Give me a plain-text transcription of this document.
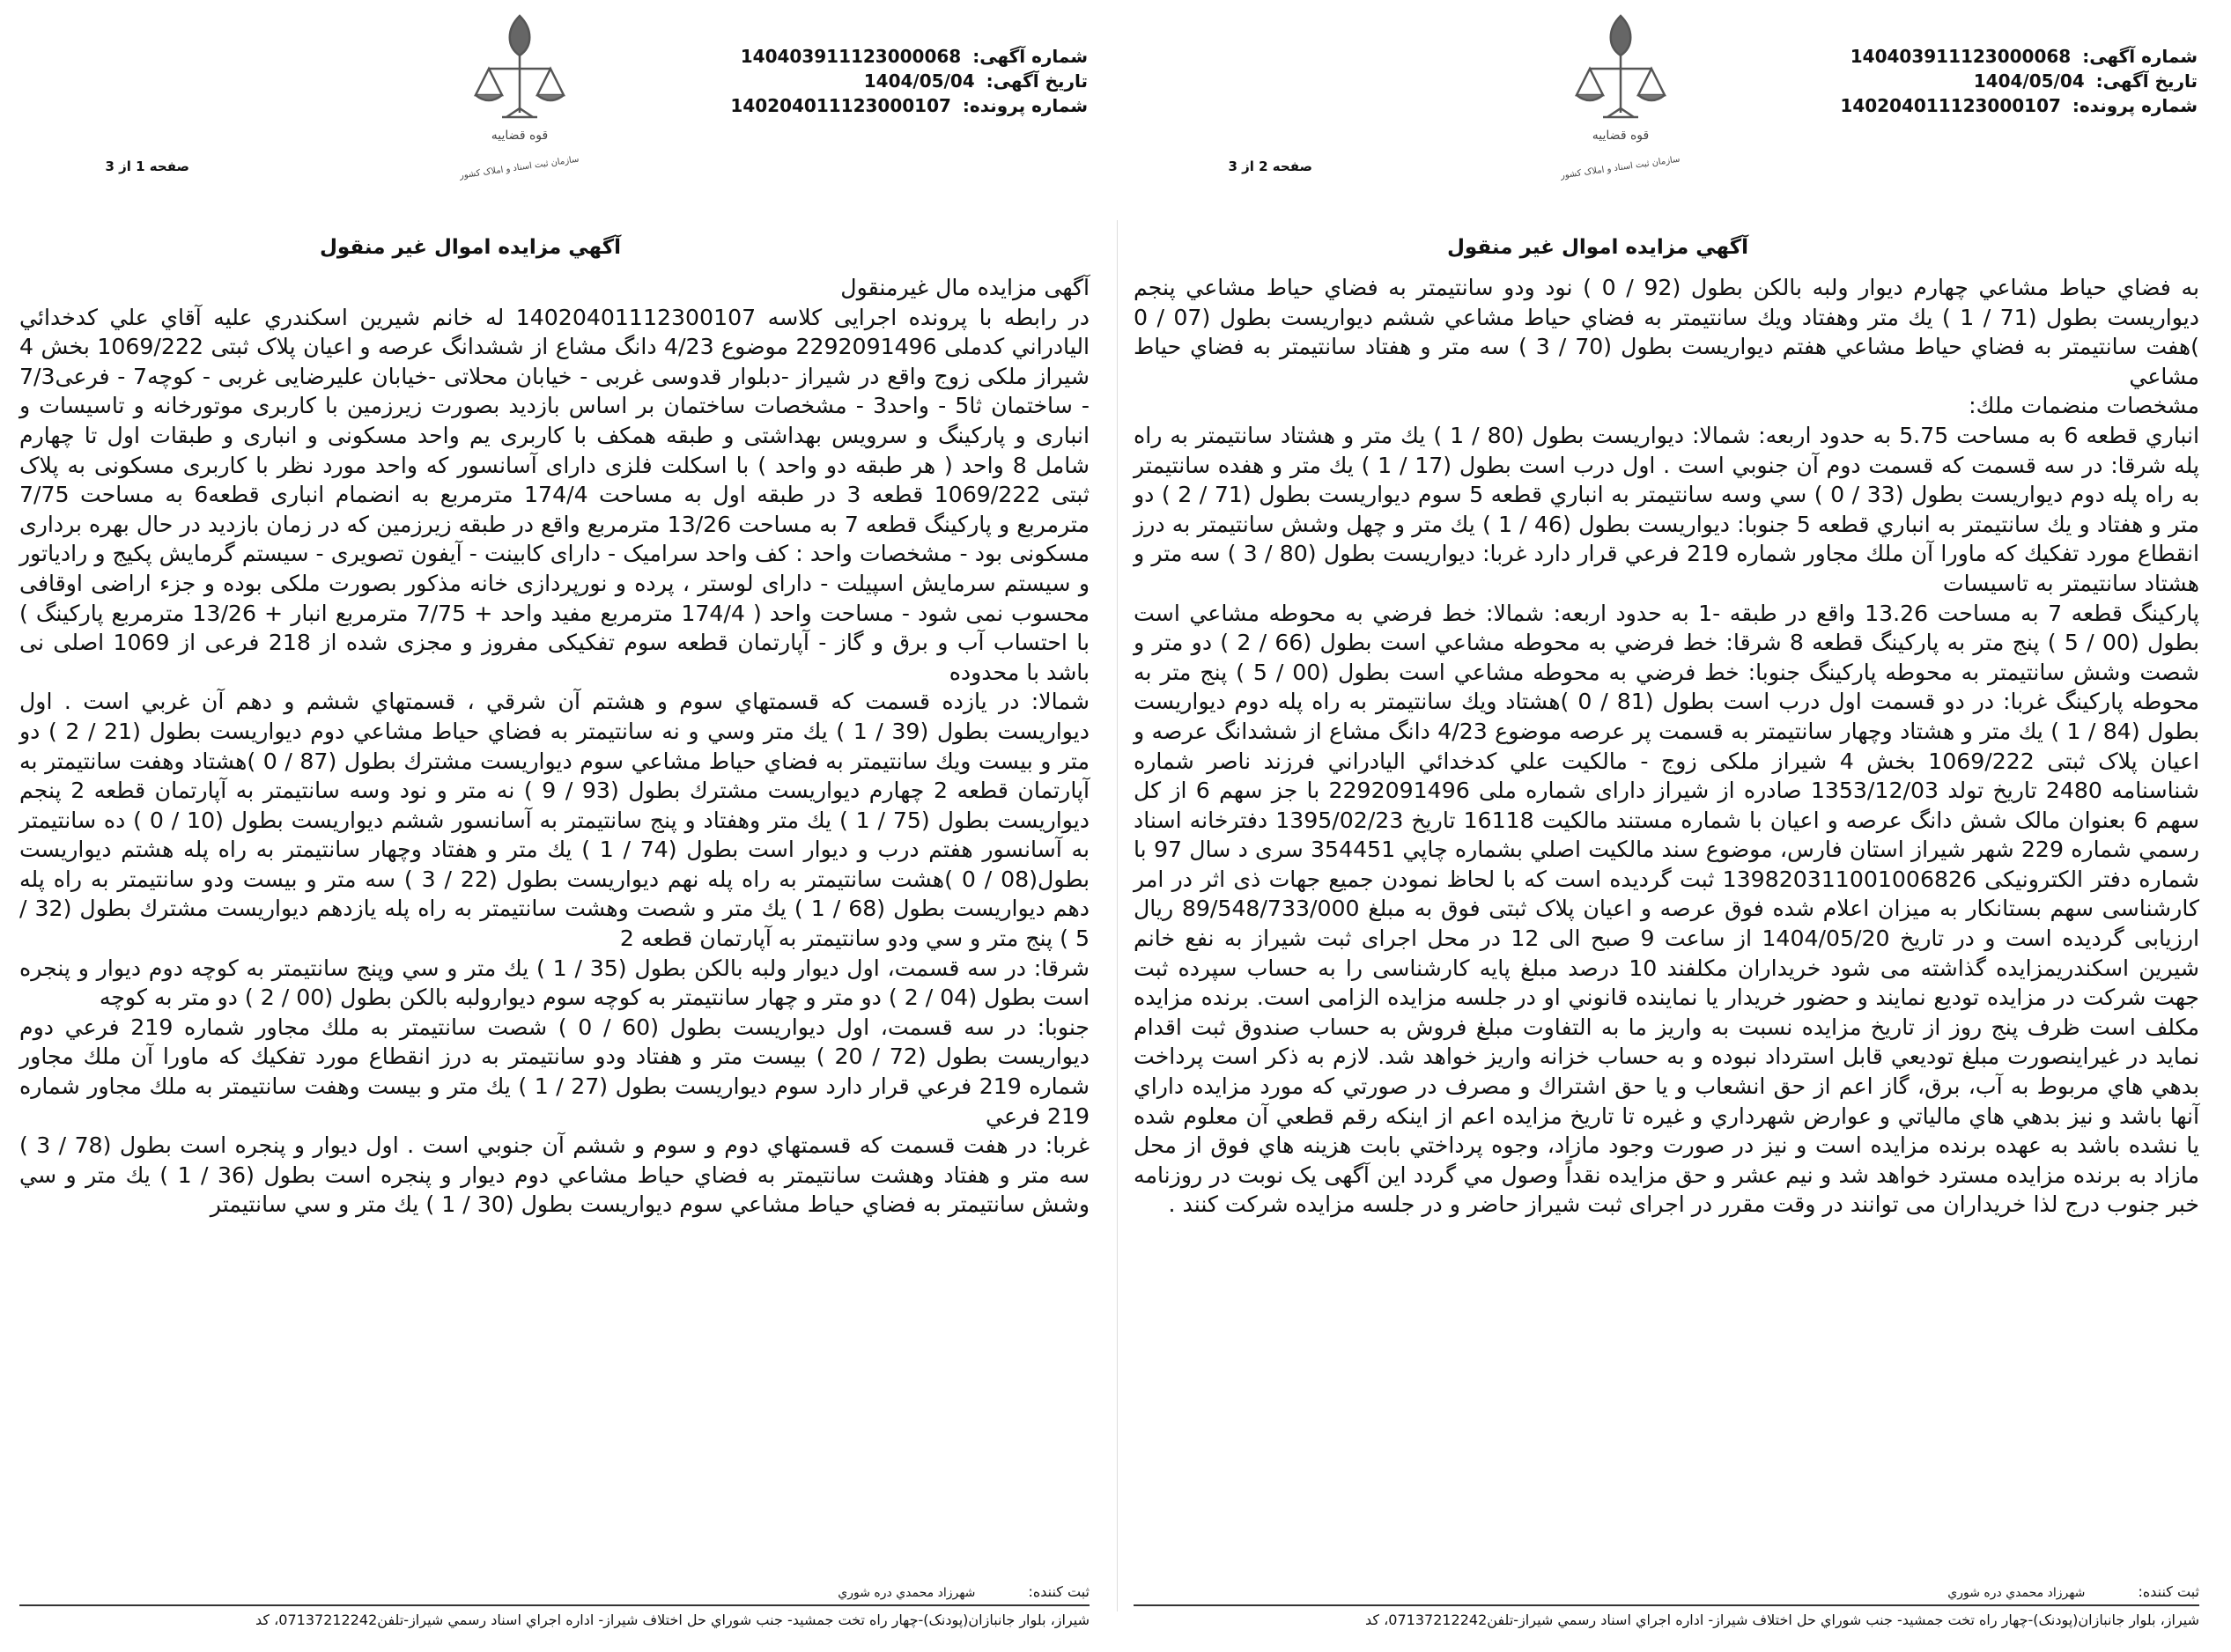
شماره آگهی: 140403911123000068
تاریخ آگهی: 1404/05/04
شماره پرونده: 140204011123000107
قوه قضاییه
سازمان ثبت اسناد و املاک کشور
صفحه 1 از 3
آگهي مزايده اموال غير منقول

آگهی مزایده مال غیرمنقول

در رابطه با پرونده اجرایی کلاسه 14020401112300107 له خانم شیرین اسکندري علیه آقاي علي كدخدائي اليادراني کدملی 2292091496 موضوع 4/23 دانگ مشاع از ششدانگ عرصه و اعیان پلاک ثبتی 1069/222 بخش 4 شیراز ملکی زوج واقع در شیراز -دبلوار قدوسی غربی - خیابان محلاتی -خیابان علیرضایی غربی - کوچه7 - فرعی7/3 - ساختمان ثا5 - واحد3 - مشخصات ساختمان بر اساس بازدید بصورت زیرزمین با کاربری موتورخانه و تاسیسات و انباری و پارکینگ و سرویس بهداشتی و طبقه همکف با کاربری یم واحد مسکونی و انباری و طبقات اول تا چهارم شامل 8 واحد ( هر طبقه دو واحد ) با اسکلت فلزی دارای آسانسور که واحد مورد نظر با کاربری مسکونی به پلاک ثبتی 1069/222 قطعه 3 در طبقه اول به مساحت 174/4 مترمربع به انضمام انباری قطعه6 به مساحت 7/75 مترمربع و پارکینگ قطعه 7 به مساحت 13/26 مترمربع واقع در طبقه زیرزمین که در زمان بازدید در حال بهره برداری مسکونی بود - مشخصات واحد : کف واحد سرامیک - دارای کابینت - آیفون تصویری - سیستم گرمایش پکیج و رادیاتور و سیستم سرمایش اسپیلت - دارای لوستر ، پرده و نورپردازی خانه مذکور بصورت ملکی بوده و جزء اراضی اوقافی محسوب نمی شود - مساحت واحد ( 174/4 مترمربع مفید واحد + 7/75 مترمربع انبار + 13/26 مترمربع پارکینگ ) با احتساب آب و برق و گاز - آپارتمان قطعه سوم تفکیکی مفروز و مجزی شده از 218 فرعی از 1069 اصلی نی باشد با محدوده

شمالا: در يازده قسمت كه قسمتهاي سوم و هشتم آن شرقي ، قسمتهاي ششم و دهم آن غربي است . اول ديواريست بطول (39 / 1 ) يك متر وسي و نه سانتيمتر به فضاي حياط مشاعي دوم ديواريست بطول (21 / 2 ) دو متر و بيست ويك سانتيمتر به فضاي حياط مشاعي سوم ديواريست مشترك بطول (87 / 0 )هشتاد وهفت سانتيمتر به آپارتمان قطعه 2 چهارم ديواريست مشترك بطول (93 / 9 ) نه متر و نود وسه سانتيمتر به آپارتمان قطعه 2 پنجم ديواريست بطول (75 / 1 ) يك متر وهفتاد و پنج سانتيمتر به آسانسور ششم ديواريست بطول (10 / 0 ) ده سانتيمتر به آسانسور هفتم درب و ديوار است بطول (74 / 1 ) يك متر و هفتاد وچهار سانتيمتر به راه پله هشتم ديواريست بطول(08 / 0 )هشت سانتيمتر به راه پله نهم ديواريست بطول (22 / 3 ) سه متر و بيست ودو سانتيمتر به راه پله دهم ديواريست بطول (68 / 1 ) يك متر و شصت وهشت سانتيمتر به راه پله يازدهم ديواريست مشترك بطول (32 / 5 ) پنج متر و سي ودو سانتيمتر به آپارتمان قطعه 2

شرقا: در سه قسمت، اول ديوار ولبه بالكن بطول (35 / 1 ) يك متر و سي وپنج سانتيمتر به كوچه دوم ديوار و پنجره است بطول (04 / 2 ) دو متر و چهار سانتيمتر به كوچه سوم ديوارولبه بالكن بطول (00 / 2 ) دو متر به كوچه

جنوبا: در سه قسمت، اول ديواريست بطول (60 / 0 ) شصت سانتيمتر به ملك مجاور شماره 219 فرعي دوم ديواريست بطول (72 / 20 ) بيست متر و هفتاد ودو سانتيمتر به درز انقطاع مورد تفكيك كه ماورا آن ملك مجاور شماره 219 فرعي قرار دارد سوم ديواريست بطول (27 / 1 ) يك متر و بيست وهفت سانتيمتر به ملك مجاور شماره 219 فرعي

غربا: در هفت قسمت كه قسمتهاي دوم و سوم و ششم آن جنوبي است . اول ديوار و پنجره است بطول (78 / 3 ) سه متر و هفتاد وهشت سانتيمتر به فضاي حياط مشاعي دوم ديوار و پنجره است بطول (36 / 1 ) يك متر و سي وشش سانتيمتر به فضاي حياط مشاعي سوم ديواريست بطول (30 / 1 ) يك متر و سي سانتيمتر

ثبت کننده: شهرزاد محمدي دره شوري
شیراز، بلوار جانبازان(پودنک)-چهار راه تخت جمشید- جنب شوراي حل اختلاف شیراز- اداره اجراي اسناد رسمي شیراز-تلفن07137212242، کد
شماره آگهی: 140403911123000068
تاریخ آگهی: 1404/05/04
شماره پرونده: 140204011123000107
قوه قضاییه
سازمان ثبت اسناد و املاک کشور
صفحه 2 از 3
آگهي مزايده اموال غير منقول

به فضاي حياط مشاعي چهارم ديوار ولبه بالكن بطول (92 / 0 ) نود ودو سانتيمتر به فضاي حياط مشاعي پنجم ديواريست بطول (71 / 1 ) يك متر وهفتاد ويك سانتيمتر به فضاي حياط مشاعي ششم ديواريست بطول (07 / 0 )هفت سانتيمتر به فضاي حياط مشاعي هفتم ديواريست بطول (70 / 3 ) سه متر و هفتاد سانتيمتر به فضاي حياط مشاعي

مشخصات منضمات ملك:

انباري قطعه 6 به مساحت 5.75 به حدود اربعه: شمالا: ديواريست بطول (80 / 1 ) يك متر و هشتاد سانتيمتر به راه پله شرقا: در سه قسمت كه قسمت دوم آن جنوبي است . اول درب است بطول (17 / 1 ) يك متر و هفده سانتيمتر به راه پله دوم ديواريست بطول (33 / 0 ) سي وسه سانتيمتر به انباري قطعه 5 سوم ديواريست بطول (71 / 2 ) دو متر و هفتاد و يك سانتيمتر به انباري قطعه 5 جنوبا: ديواريست بطول (46 / 1 ) يك متر و چهل وشش سانتيمتر به درز انقطاع مورد تفكيك كه ماورا آن ملك مجاور شماره 219 فرعي قرار دارد غربا: ديواريست بطول (80 / 3 ) سه متر و هشتاد سانتيمتر به تاسيسات

پاركينگ قطعه 7 به مساحت 13.26 واقع در طبقه -1 به حدود اربعه: شمالا: خط فرضي به محوطه مشاعي است بطول (00 / 5 ) پنج متر به پاركينگ قطعه 8 شرقا: خط فرضي به محوطه مشاعي است بطول (66 / 2 ) دو متر و شصت وشش سانتيمتر به محوطه پاركينگ جنوبا: خط فرضي به محوطه مشاعي است بطول (00 / 5 ) پنج متر به محوطه پاركينگ غربا: در دو قسمت اول درب است بطول (81 / 0 )هشتاد ويك سانتيمتر به راه پله دوم ديواريست بطول (84 / 1 ) يك متر و هشتاد وچهار سانتيمتر به قسمت پر عرصه موضوع 4/23 دانگ مشاع از ششدانگ عرصه و اعیان پلاک ثبتی 1069/222 بخش 4 شیراز ملکی زوج - مالکیت علي كدخدائي اليادراني فرزند ناصر شماره شناسنامه 2480 تاریخ تولد 1353/12/03 صادره از شیراز دارای شماره ملی 2292091496 با جز سهم 6 از کل سهم 6 بعنوان مالک شش دانگ عرصه و اعیان با شماره مستند مالکیت 16118 تاریخ 1395/02/23 دفترخانه اسناد رسمي شماره 229 شهر شیراز استان فارس، موضوع سند مالکیت اصلي بشماره چاپي 354451 سری د سال 97 با شماره دفتر الکترونیکی 139820311001006826 ثبت گردیده است که با لحاظ نمودن جمیع جهات ذی اثر در امر کارشناسی سهم بستانکار به میزان اعلام شده فوق عرصه و اعیان پلاک ثبتی فوق به مبلغ 89/548/733/000 ریال ارزیابی گردیده است و در تاریخ 1404/05/20 از ساعت 9 صبح الی 12 در محل اجرای ثبت شیراز به نفع خانم شیرین اسکندریمزایده گذاشته می شود خریداران مکلفند 10 درصد مبلغ پایه کارشناسی را به حساب سپرده ثبت جهت شرکت در مزایده توديع نمایند و حضور خریدار یا نماینده قانوني او در جلسه مزایده الزامی است. برنده مزایده مکلف است ظرف پنج روز از تاریخ مزایده نسبت به واریز ما به التفاوت مبلغ فروش به حساب صندوق ثبت اقدام نماید در غیراینصورت مبلغ توديعي قابل استرداد نبوده و به حساب خزانه واریز خواهد شد. لازم به ذکر است پرداخت بدهي هاي مربوط به آب، برق، گاز اعم از حق انشعاب و يا حق اشتراك و مصرف در صورتي كه مورد مزايده داراي آنها باشد و نيز بدهي هاي مالياتي و عوارض شهرداري و غيره تا تاريخ مزايده اعم از اينكه رقم قطعي آن معلوم شده يا نشده باشد به عهده برنده مزايده است و نيز در صورت وجود مازاد، وجوه پرداختي بابت هزينه هاي فوق از محل مازاد به برنده مزايده مسترد خواهد شد و نيم عشر و حق مزايده نقداً وصول مي گردد این آگهی یک نوبت در روزنامه خبر جنوب درج لذا خریداران می توانند در وقت مقرر در اجرای ثبت شیراز حاضر و در جلسه مزایده شرکت کنند .

ثبت کننده: شهرزاد محمدي دره شوري
شیراز، بلوار جانبازان(پودنک)-چهار راه تخت جمشید- جنب شوراي حل اختلاف شیراز- اداره اجراي اسناد رسمي شیراز-تلفن07137212242، کد
